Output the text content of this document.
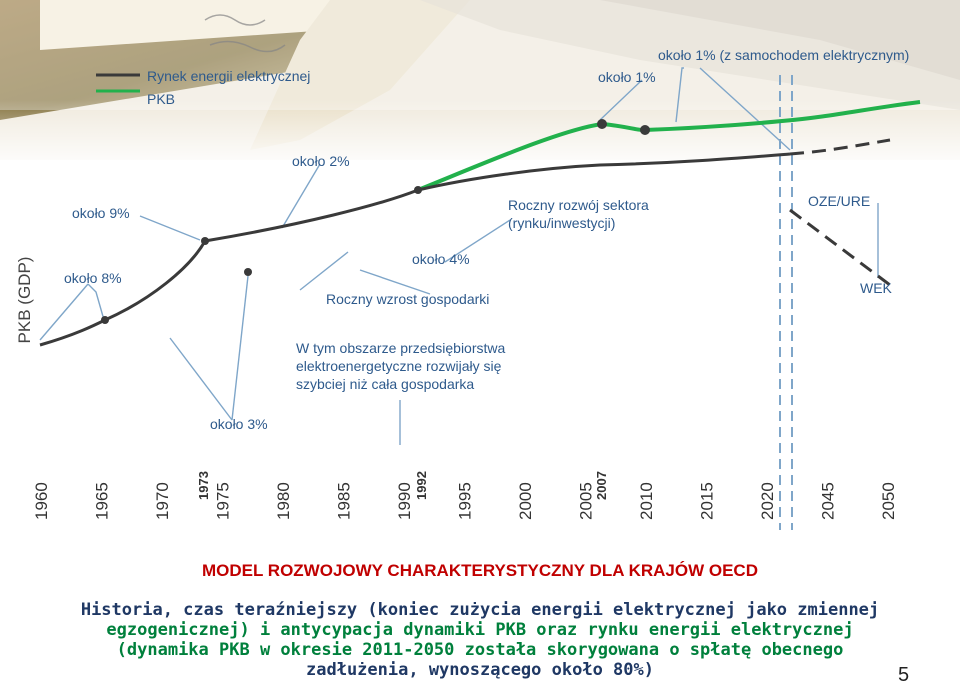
Rynek energii elektrycznej
PKB
PKB (GDP)
około 1% (z samochodem elektrycznym)
około 1%
około 2%
około 9%	Roczny rozwój sektora
(rynku/inwestycji)
OZE/URE
około 8%
około 4%
Roczny wzrost gospodarki
WEK
W tym obszarze przedsiębiorstwa
elektroenergetyczne rozwijały się
szybciej niż cała gospodarka
około 3%
1960 1965 1970 1975 1980 1985 1990 1995 2000 2005 2010 2015 2020 2045 2050
1973	1992	2007
MODEL ROZWOJOWY CHARAKTERYSTYCZNY DLA KRAJÓW OECD
Historia, czas teraźniejszy (koniec zużycia energii elektrycznej jako zmiennej
egzogenicznej) i antycypacja dynamiki PKB oraz rynku energii elektrycznej
(dynamika PKB w okresie 2011-2050 została skorygowana o spłatę obecnego
zadłużenia, wynoszącego około 80%)	5
